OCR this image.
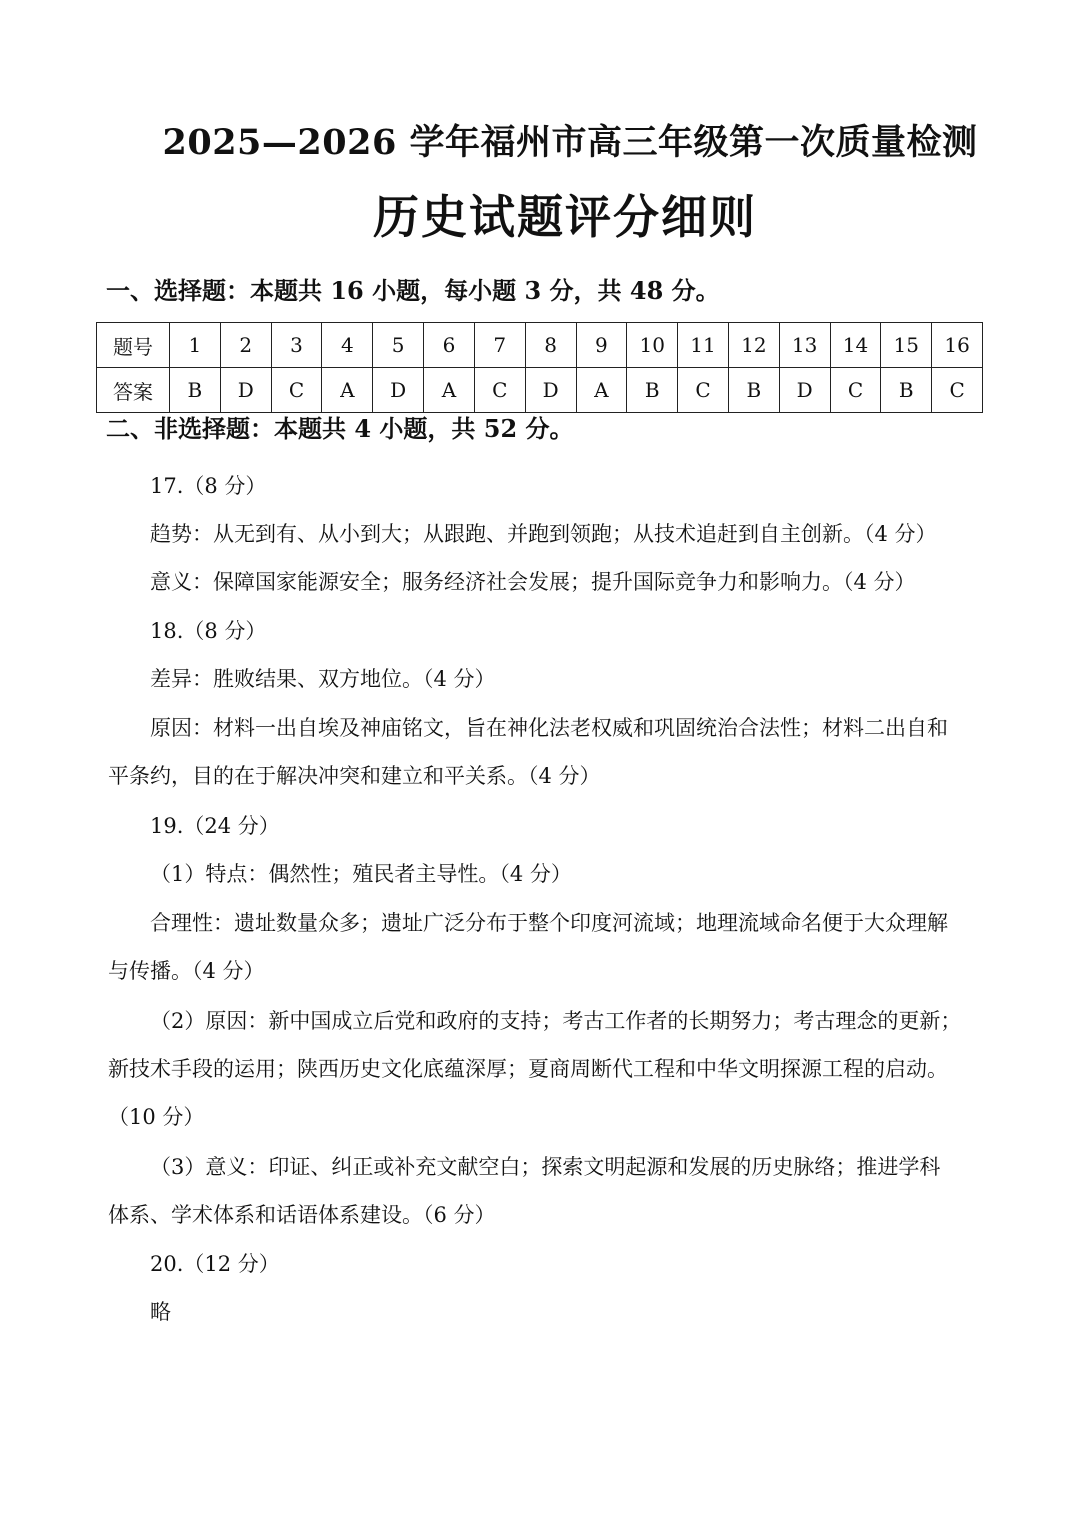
2025—2026 学年福州市高三年级第一次质量检测
历史试题评分细则
一、选择题：本题共 16 小题，每小题 3 分，共 48 分。
题号	1	2	3	4	5	6	7	8	9	10	11	12	13	14	15	16
答案	B	D	C	A	D	A	C	D	A	B	C	B	D	C	B	C
二、非选择题：本题共 4 小题，共 52 分。
17.（8 分）
趋势：从无到有、从小到大；从跟跑、并跑到领跑；从技术追赶到自主创新。（4 分）
意义：保障国家能源安全；服务经济社会发展；提升国际竞争力和影响力。（4 分）
18.（8 分）
差异：胜败结果、双方地位。（4 分）
原因：材料一出自埃及神庙铭文，旨在神化法老权威和巩固统治合法性；材料二出自和
平条约，目的在于解决冲突和建立和平关系。（4 分）
19.（24 分）
（1）特点：偶然性；殖民者主导性。（4 分）
合理性：遗址数量众多；遗址广泛分布于整个印度河流域；地理流域命名便于大众理解
与传播。（4 分）
（2）原因：新中国成立后党和政府的支持；考古工作者的长期努力；考古理念的更新；
新技术手段的运用；陕西历史文化底蕴深厚；夏商周断代工程和中华文明探源工程的启动。
（10 分）
（3）意义：印证、纠正或补充文献空白；探索文明起源和发展的历史脉络；推进学科
体系、学术体系和话语体系建设。（6 分）
20.（12 分）
略
